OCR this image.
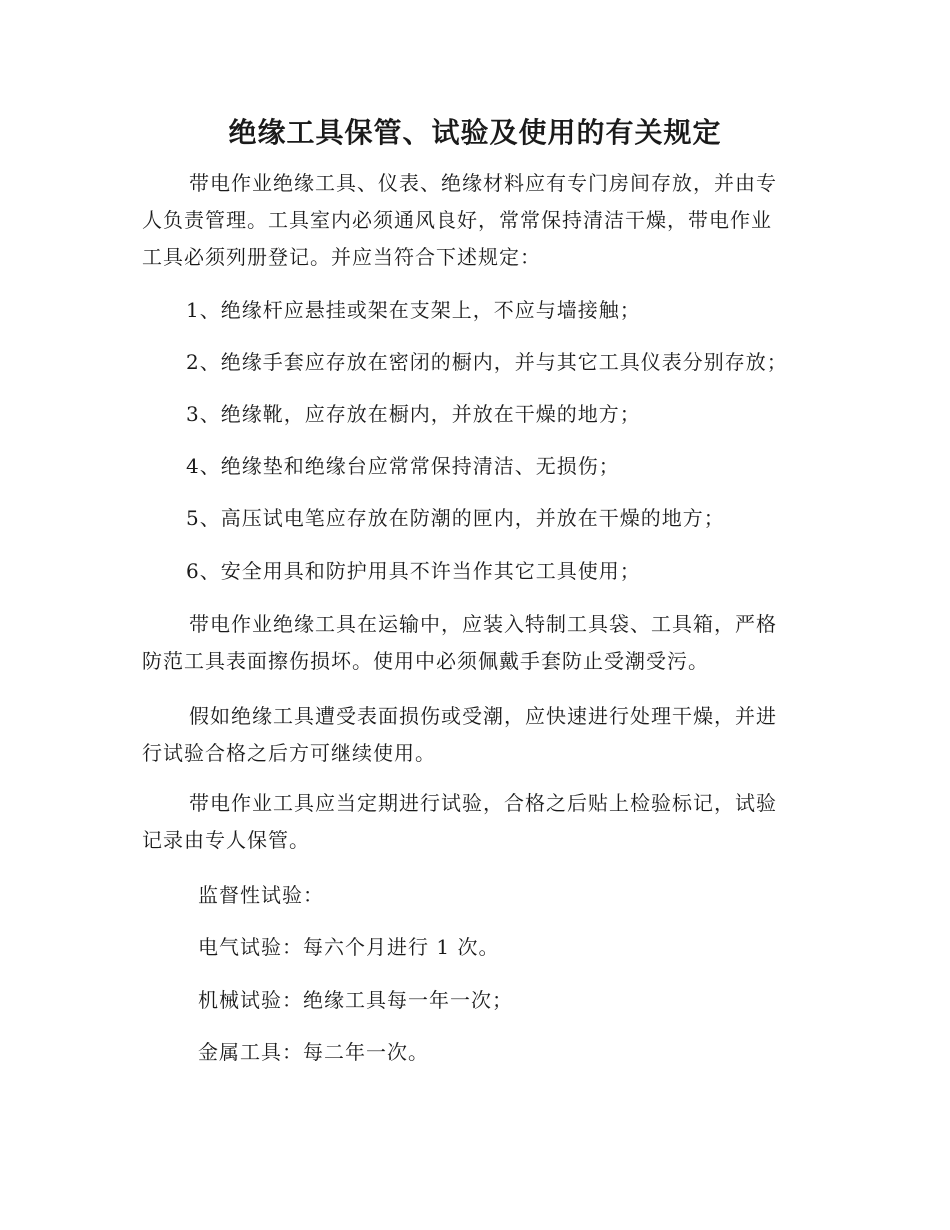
绝缘工具保管、试验及使用的有关规定

带电作业绝缘工具、仪表、绝缘材料应有专门房间存放，并由专
人负责管理。工具室内必须通风良好，常常保持清洁干燥，带电作业
工具必须列册登记。并应当符合下述规定：

1、绝缘杆应悬挂或架在支架上，不应与墙接触；

2、绝缘手套应存放在密闭的橱内，并与其它工具仪表分别存放；

3、绝缘靴，应存放在橱内，并放在干燥的地方；

4、绝缘垫和绝缘台应常常保持清洁、无损伤；

5、高压试电笔应存放在防潮的匣内，并放在干燥的地方；

6、安全用具和防护用具不许当作其它工具使用；

带电作业绝缘工具在运输中，应装入特制工具袋、工具箱，严格
防范工具表面擦伤损坏。使用中必须佩戴手套防止受潮受污。

假如绝缘工具遭受表面损伤或受潮，应快速进行处理干燥，并进
行试验合格之后方可继续使用。

带电作业工具应当定期进行试验，合格之后贴上检验标记，试验
记录由专人保管。

监督性试验：

电气试验：每六个月进行 1 次。

机械试验：绝缘工具每一年一次；

金属工具：每二年一次。
